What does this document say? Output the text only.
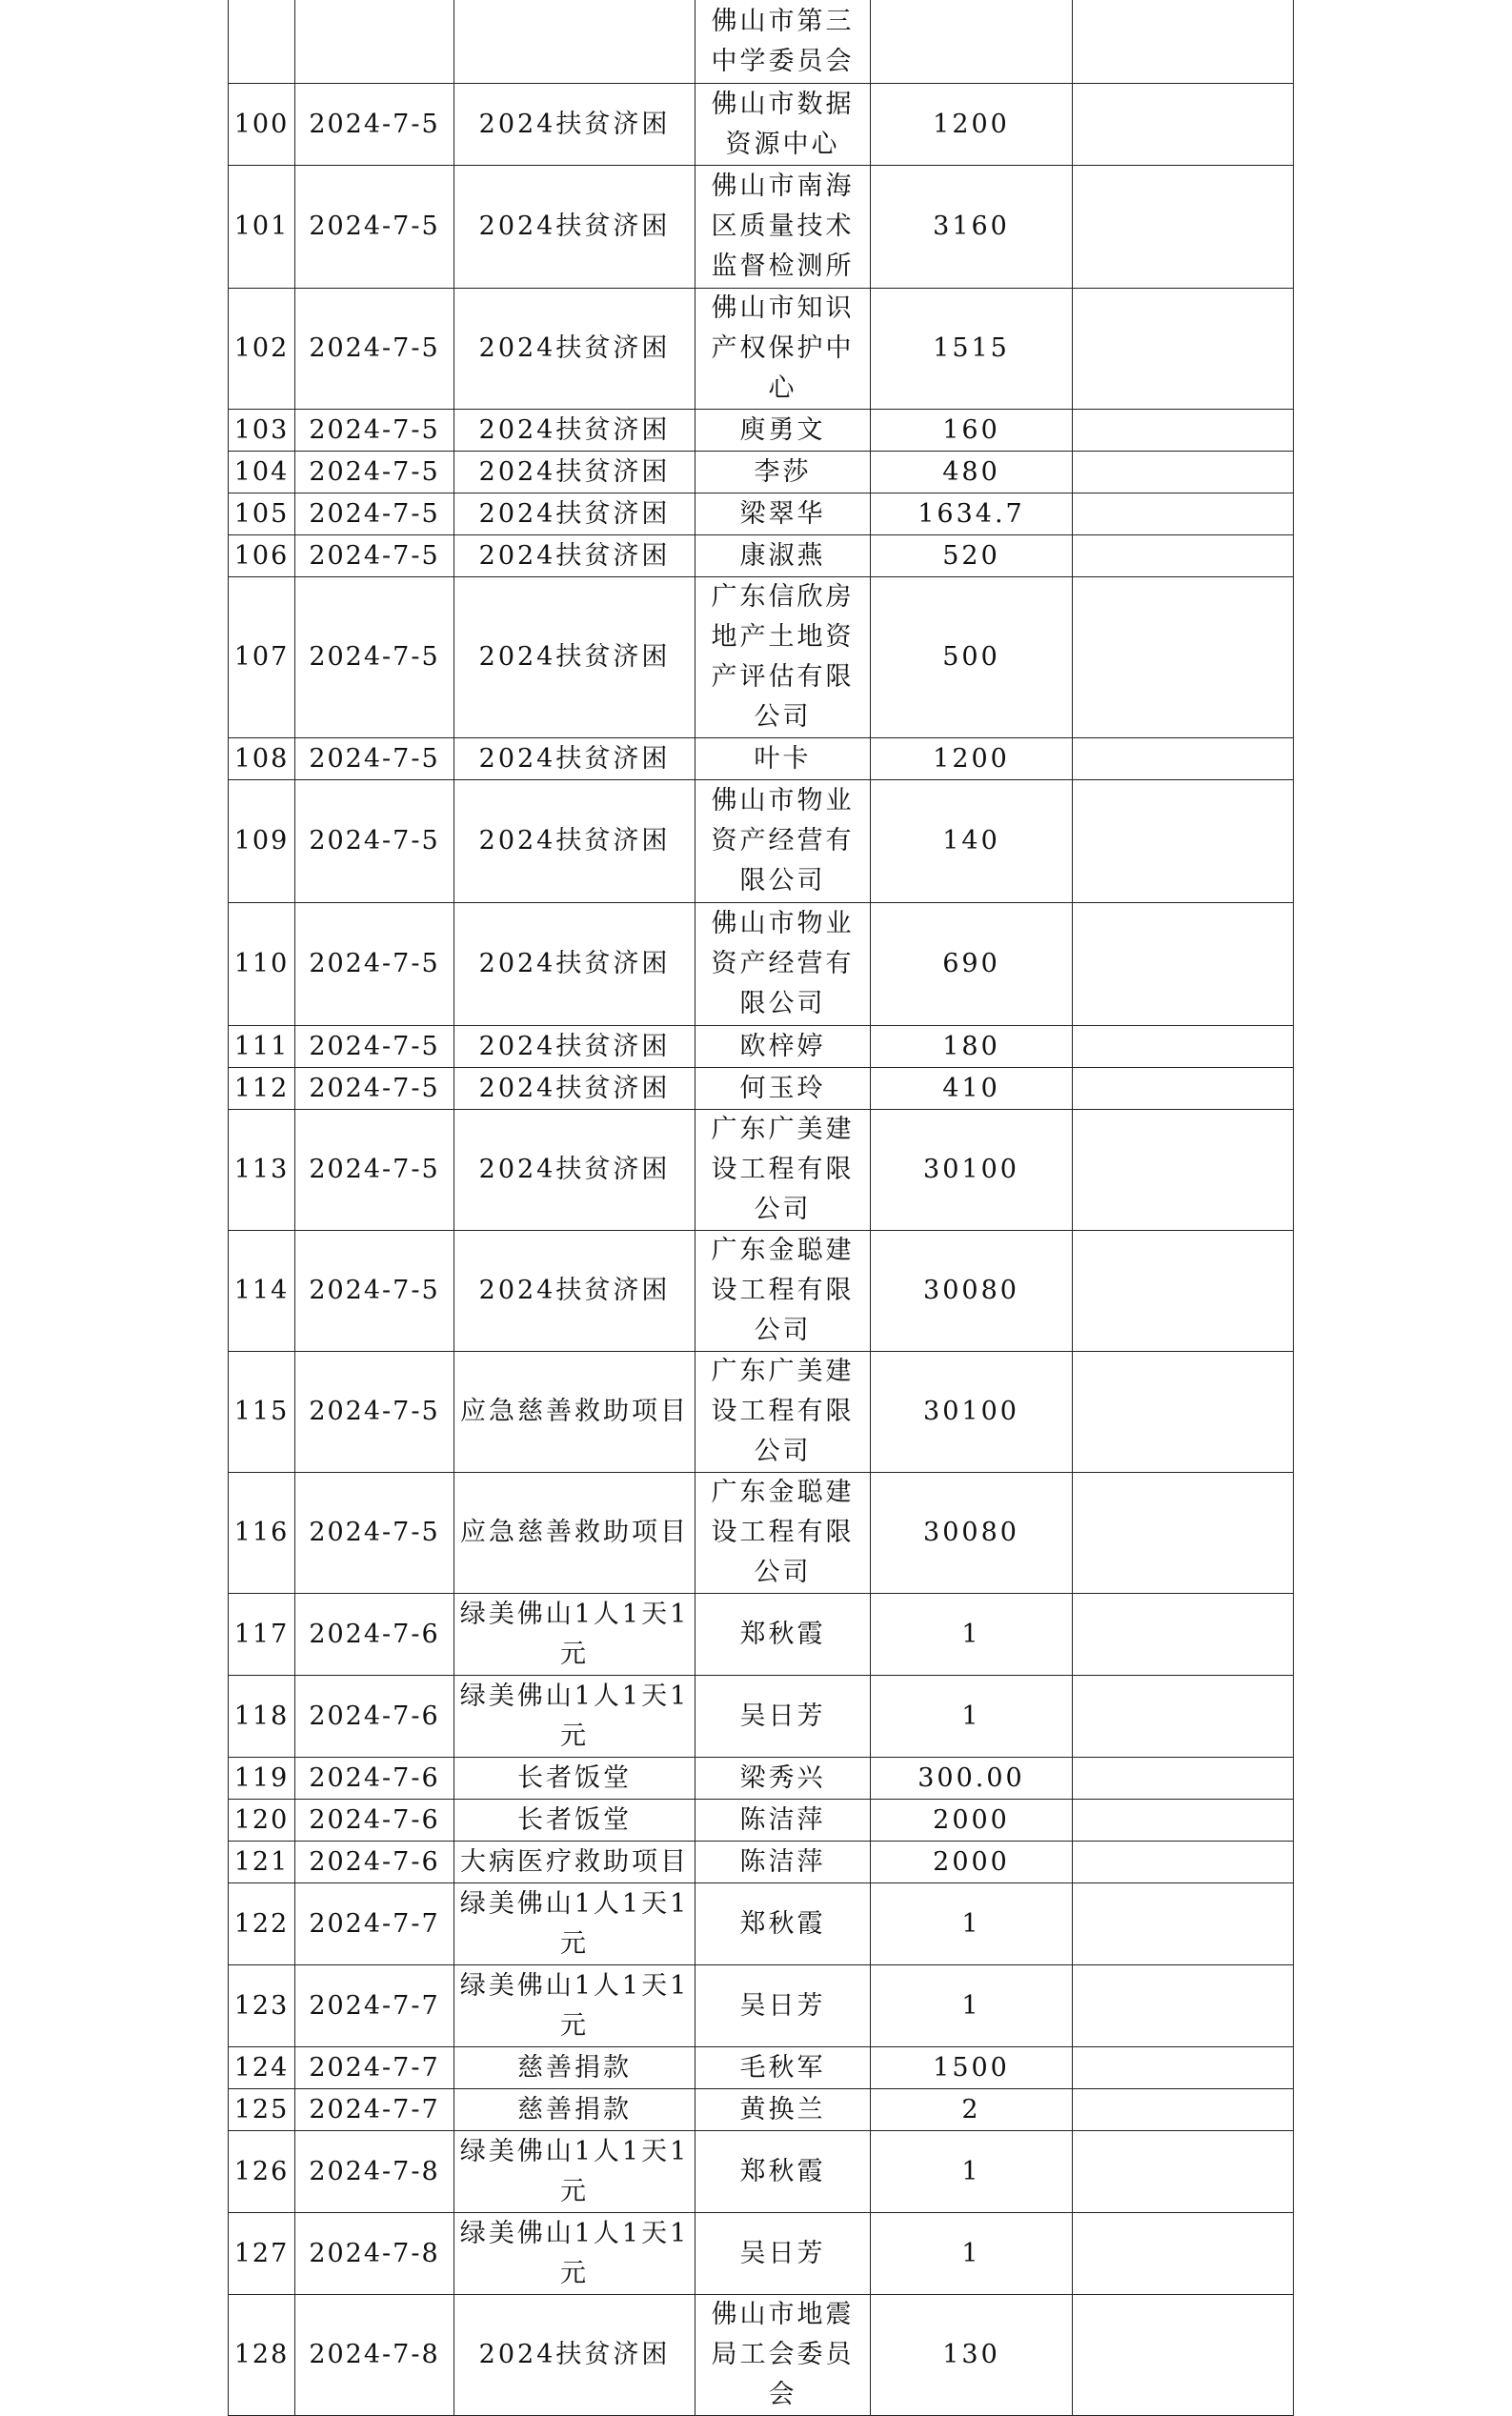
			佛山市第三中学委员会		
100	2024-7-5	2024扶贫济困	佛山市数据资源中心	1200	
101	2024-7-5	2024扶贫济困	佛山市南海区质量技术监督检测所	3160	
102	2024-7-5	2024扶贫济困	佛山市知识产权保护中心	1515	
103	2024-7-5	2024扶贫济困	庾勇文	160	
104	2024-7-5	2024扶贫济困	李莎	480	
105	2024-7-5	2024扶贫济困	梁翠华	1634.7	
106	2024-7-5	2024扶贫济困	康淑燕	520	
107	2024-7-5	2024扶贫济困	广东信欣房地产土地资产评估有限公司	500	
108	2024-7-5	2024扶贫济困	叶卡	1200	
109	2024-7-5	2024扶贫济困	佛山市物业资产经营有限公司	140	
110	2024-7-5	2024扶贫济困	佛山市物业资产经营有限公司	690	
111	2024-7-5	2024扶贫济困	欧梓婷	180	
112	2024-7-5	2024扶贫济困	何玉玲	410	
113	2024-7-5	2024扶贫济困	广东广美建设工程有限公司	30100	
114	2024-7-5	2024扶贫济困	广东金聪建设工程有限公司	30080	
115	2024-7-5	应急慈善救助项目	广东广美建设工程有限公司	30100	
116	2024-7-5	应急慈善救助项目	广东金聪建设工程有限公司	30080	
117	2024-7-6	绿美佛山1人1天1元	郑秋霞	1	
118	2024-7-6	绿美佛山1人1天1元	吴日芳	1	
119	2024-7-6	长者饭堂	梁秀兴	300.00	
120	2024-7-6	长者饭堂	陈洁萍	2000	
121	2024-7-6	大病医疗救助项目	陈洁萍	2000	
122	2024-7-7	绿美佛山1人1天1元	郑秋霞	1	
123	2024-7-7	绿美佛山1人1天1元	吴日芳	1	
124	2024-7-7	慈善捐款	毛秋军	1500	
125	2024-7-7	慈善捐款	黄换兰	2	
126	2024-7-8	绿美佛山1人1天1元	郑秋霞	1	
127	2024-7-8	绿美佛山1人1天1元	吴日芳	1	
128	2024-7-8	2024扶贫济困	佛山市地震局工会委员会	130	
